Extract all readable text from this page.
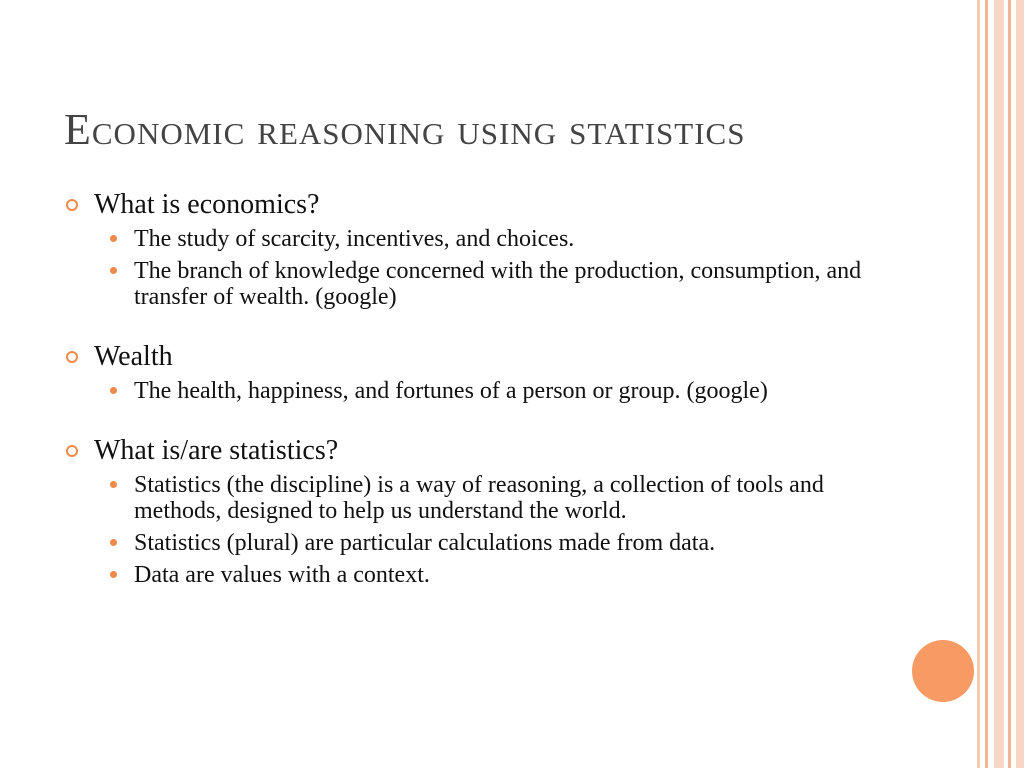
Economic reasoning using statistics
What is economics?
The study of scarcity, incentives, and choices.
The branch of knowledge concerned with the production, consumption, and transfer of wealth. (google)
Wealth
The health, happiness, and fortunes of a person or group. (google)
What is/are statistics?
Statistics (the discipline) is a way of reasoning, a collection of tools and methods, designed to help us understand the world.
Statistics (plural) are particular calculations made from data.
Data are values with a context.
